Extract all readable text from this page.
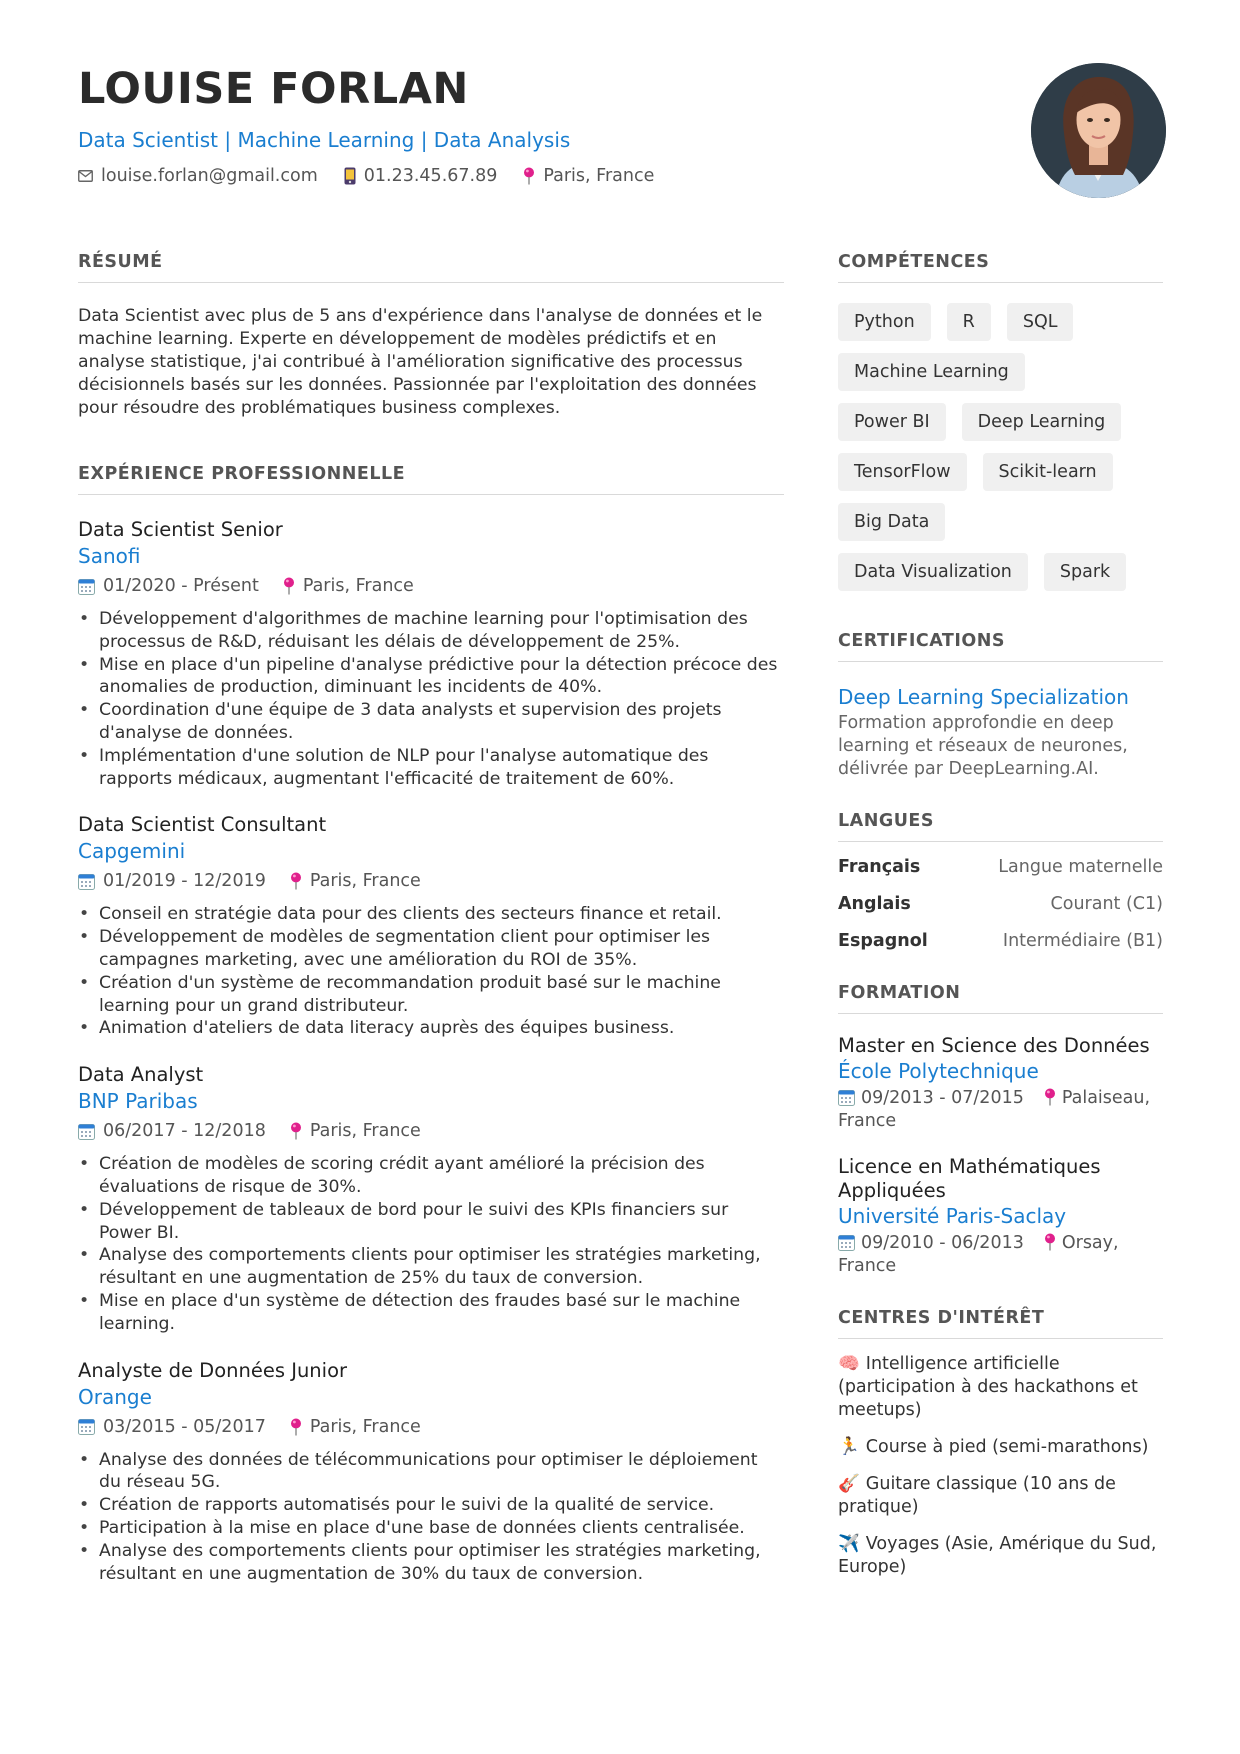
LOUISE FORLAN
Data Scientist | Machine Learning | Data Analysis
louise.forlan@gmail.com	01.23.45.67.89	Paris, France
RÉSUMÉ

Data Scientist avec plus de 5 ans d'expérience dans l'analyse de données et le machine learning. Experte en développement de modèles prédictifs et en analyse statistique, j'ai contribué à l'amélioration significative des processus décisionnels basés sur les données. Passionnée par l'exploitation des données pour résoudre des problématiques business complexes.

EXPÉRIENCE PROFESSIONNELLE
Data Scientist Senior
Sanofi
01/2020 - Présent	Paris, France
• Développement d'algorithmes de machine learning pour l'optimisation des processus de R&D, réduisant les délais de développement de 25%.
• Mise en place d'un pipeline d'analyse prédictive pour la détection précoce des anomalies de production, diminuant les incidents de 40%.
• Coordination d'une équipe de 3 data analysts et supervision des projets d'analyse de données.
• Implémentation d'une solution de NLP pour l'analyse automatique des rapports médicaux, augmentant l'efficacité de traitement de 60%.
Data Scientist Consultant
Capgemini
01/2019 - 12/2019	Paris, France
• Conseil en stratégie data pour des clients des secteurs finance et retail.
• Développement de modèles de segmentation client pour optimiser les campagnes marketing, avec une amélioration du ROI de 35%.
• Création d'un système de recommandation produit basé sur le machine learning pour un grand distributeur.
• Animation d'ateliers de data literacy auprès des équipes business.
Data Analyst
BNP Paribas
06/2017 - 12/2018	Paris, France
• Création de modèles de scoring crédit ayant amélioré la précision des évaluations de risque de 30%.
• Développement de tableaux de bord pour le suivi des KPIs financiers sur Power BI.
• Analyse des comportements clients pour optimiser les stratégies marketing, résultant en une augmentation de 25% du taux de conversion.
• Mise en place d'un système de détection des fraudes basé sur le machine learning.
Analyste de Données Junior
Orange
03/2015 - 05/2017	Paris, France
• Analyse des données de télécommunications pour optimiser le déploiement du réseau 5G.
• Création de rapports automatisés pour le suivi de la qualité de service.
• Participation à la mise en place d'une base de données clients centralisée.
• Analyse des comportements clients pour optimiser les stratégies marketing, résultant en une augmentation de 30% du taux de conversion.
COMPÉTENCES
Python	R	SQL
Machine Learning
Power BI	Deep Learning
TensorFlow	Scikit-learn
Big Data
Data Visualization	Spark
CERTIFICATIONS
Deep Learning Specialization
Formation approfondie en deep learning et réseaux de neurones, délivrée par DeepLearning.AI.
LANGUES
Français	Langue maternelle
Anglais	Courant (C1)
Espagnol	Intermédiaire (B1)
FORMATION
Master en Science des Données
École Polytechnique
09/2013 - 07/2015 Palaiseau, France
Licence en Mathématiques Appliquées
Université Paris-Saclay
09/2010 - 06/2013 Orsay, France
CENTRES D'INTÉRÊT
🧠 Intelligence artificielle (participation à des hackathons et meetups)
🏃 Course à pied (semi-marathons)
🎸 Guitare classique (10 ans de pratique)
✈️ Voyages (Asie, Amérique du Sud, Europe)
